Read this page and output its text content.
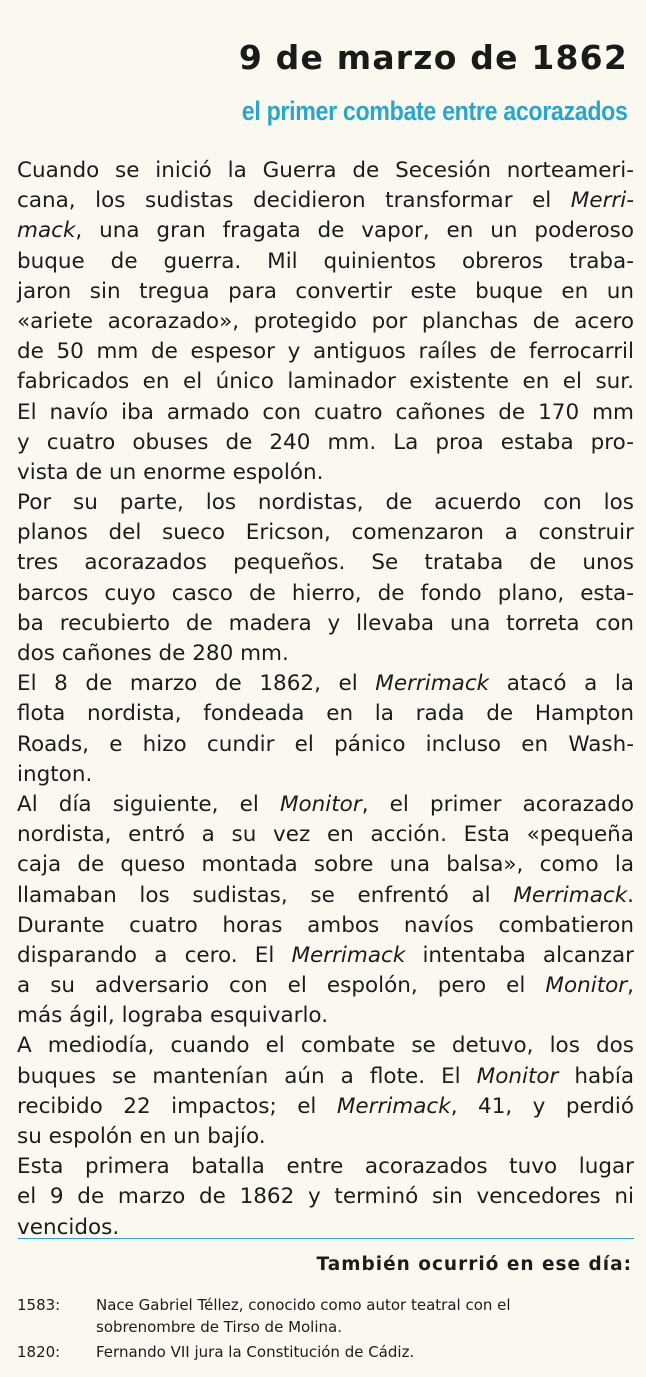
9 de marzo de 1862
el primer combate entre acorazados
Cuando se inició la Guerra de Secesión norteameri-
cana, los sudistas decidieron transformar el Merri-
mack, una gran fragata de vapor, en un poderoso
buque de guerra. Mil quinientos obreros traba-
jaron sin tregua para convertir este buque en un
«ariete acorazado», protegido por planchas de acero
de 50 mm de espesor y antiguos raíles de ferrocarril
fabricados en el único laminador existente en el sur.
El navío iba armado con cuatro cañones de 170 mm
y cuatro obuses de 240 mm. La proa estaba pro-
vista de un enorme espolón.
Por su parte, los nordistas, de acuerdo con los
planos del sueco Ericson, comenzaron a construir
tres acorazados pequeños. Se trataba de unos
barcos cuyo casco de hierro, de fondo plano, esta-
ba recubierto de madera y llevaba una torreta con
dos cañones de 280 mm.
El 8 de marzo de 1862, el Merrimack atacó a la
flota nordista, fondeada en la rada de Hampton
Roads, e hizo cundir el pánico incluso en Wash-
ington.
Al día siguiente, el Monitor, el primer acorazado
nordista, entró a su vez en acción. Esta «pequeña
caja de queso montada sobre una balsa», como la
llamaban los sudistas, se enfrentó al Merrimack.
Durante cuatro horas ambos navíos combatieron
disparando a cero. El Merrimack intentaba alcanzar
a su adversario con el espolón, pero el Monitor,
más ágil, lograba esquivarlo.
A mediodía, cuando el combate se detuvo, los dos
buques se mantenían aún a flote. El Monitor había
recibido 22 impactos; el Merrimack, 41, y perdió
su espolón en un bajío.
Esta primera batalla entre acorazados tuvo lugar
el 9 de marzo de 1862 y terminó sin vencedores ni
vencidos.
También ocurrió en ese día:
1583:	Nace Gabriel Téllez, conocido como autor teatral con el
sobrenombre de Tirso de Molina.
1820:	Fernando VII jura la Constitución de Cádiz.
